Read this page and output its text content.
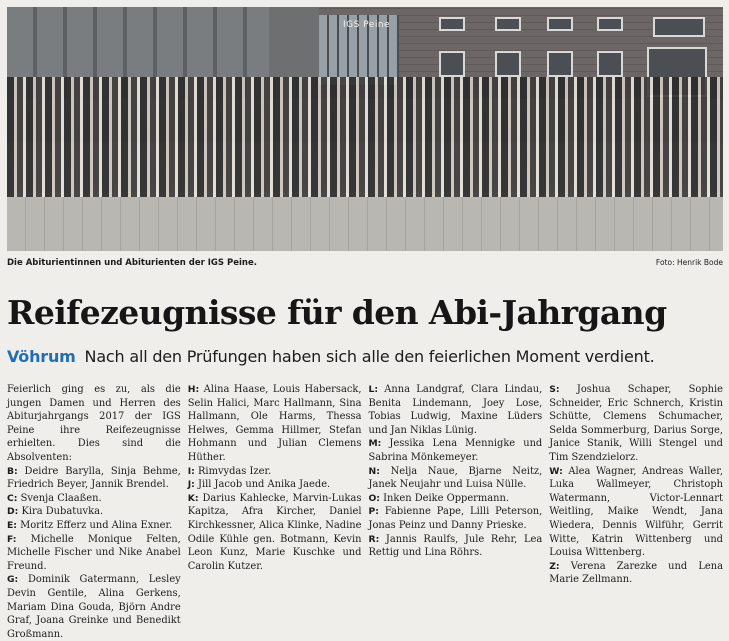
IGS Peine
Die Abiturientinnen und Abiturienten der IGS Peine.	Foto: Henrik Bode
Reifezeugnisse für den Abi-Jahrgang
Vöhrum Nach all den Prüfungen haben sich alle den feierlichen Moment verdient.

Feierlich ging es zu, als die jungen Damen und Herren des Abiturjahrgangs 2017 der IGS Peine ihre Reifezeugnisse erhielten. Dies sind die Absolventen:

B: Deidre Barylla, Sinja Behme, Friedrich Beyer, Jannik Brendel.

C: Svenja Claaßen.

D: Kira Dubatuvka.

E: Moritz Efferz und Alina Exner.

F: Michelle Monique Felten, Michelle Fischer und Nike Anabel Freund.

G: Dominik Gatermann, Lesley Devin Gentile, Alina Gerkens, Mariam Dina Gouda, Björn Andre Graf, Joana Greinke und Benedikt Großmann.

H: Alina Haase, Louis Habersack, Selin Halici, Marc Hallmann, Sina Hallmann, Ole Harms, Thessa Helwes, Gemma Hillmer, Stefan Hohmann und Julian Clemens Hüther.

I: Rimvydas Izer.

J: Jill Jacob und Anika Jaede.

K: Darius Kahlecke, Marvin-Lukas Kapitza, Afra Kircher, Daniel Kirchkessner, Alica Klinke, Nadine Odile Kühle gen. Botmann, Kevin Leon Kunz, Marie Kuschke und Carolin Kutzer.

L: Anna Landgraf, Clara Lindau, Benita Lindemann, Joey Lose, Tobias Ludwig, Maxine Lüders und Jan Niklas Lünig.

M: Jessika Lena Mennigke und Sabrina Mönkemeyer.

N: Nelja Naue, Bjarne Neitz, Janek Neujahr und Luisa Nülle.

O: Inken Deike Oppermann.

P: Fabienne Pape, Lilli Peterson, Jonas Peinz und Danny Prieske.

R: Jannis Raulfs, Jule Rehr, Lea Rettig und Lina Röhrs.

S: Joshua Schaper, Sophie Schneider, Eric Schnerch, Kristin Schütte, Clemens Schumacher, Selda Sommerburg, Darius Sorge, Janice Stanik, Willi Stengel und Tim Szendzielorz.

W: Alea Wagner, Andreas Waller, Luka Wallmeyer, Christoph Watermann, Victor-Lennart Weitling, Maike Wendt, Jana Wiedera, Dennis Wilführ, Gerrit Witte, Katrin Wittenberg und Louisa Wittenberg.

Z: Verena Zarezke und Lena Marie Zellmann.
